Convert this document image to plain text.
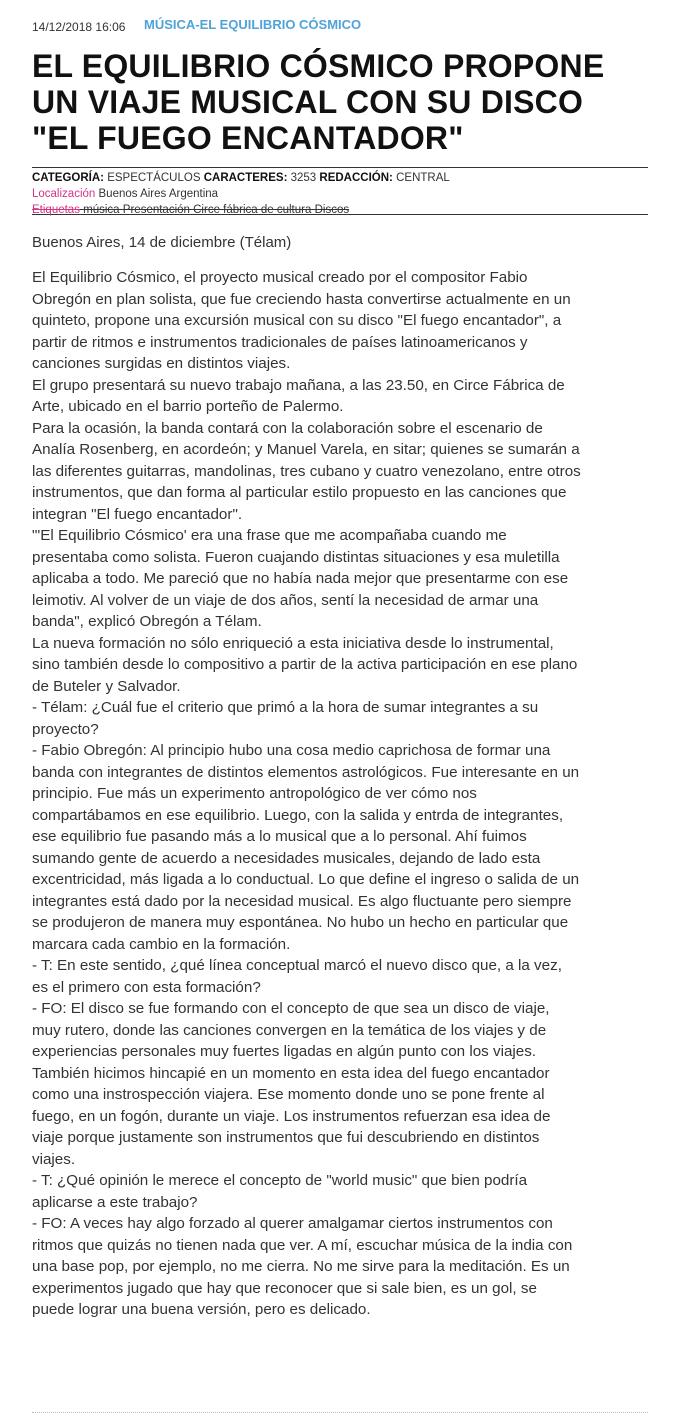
14/12/2018 16:06 MÚSICA-EL EQUILIBRIO CÓSMICO
EL EQUILIBRIO CÓSMICO PROPONE
UN VIAJE MUSICAL CON SU DISCO
"EL FUEGO ENCANTADOR"
CATEGORÍA: ESPECTÁCULOS CARACTERES: 3253 REDACCIÓN: CENTRAL
Localización Buenos Aires Argentina
Etiquetas música Presentación Circe fábrica de cultura Discos
Buenos Aires, 14 de diciembre (Télam)
El Equilibrio Cósmico, el proyecto musical creado por el compositor Fabio
Obregón en plan solista, que fue creciendo hasta convertirse actualmente en un
quinteto, propone una excursión musical con su disco "El fuego encantador", a
partir de ritmos e instrumentos tradicionales de países latinoamericanos y
canciones surgidas en distintos viajes.
El grupo presentará su nuevo trabajo mañana, a las 23.50, en Circe Fábrica de
Arte, ubicado en el barrio porteño de Palermo.
Para la ocasión, la banda contará con la colaboración sobre el escenario de
Analía Rosenberg, en acordeón; y Manuel Varela, en sitar; quienes se sumarán a
las diferentes guitarras, mandolinas, tres cubano y cuatro venezolano, entre otros
instrumentos, que dan forma al particular estilo propuesto en las canciones que
integran "El fuego encantador".
"'El Equilibrio Cósmico' era una frase que me acompañaba cuando me
presentaba como solista. Fueron cuajando distintas situaciones y esa muletilla
aplicaba a todo. Me pareció que no había nada mejor que presentarme con ese
leimotiv. Al volver de un viaje de dos años, sentí la necesidad de armar una
banda", explicó Obregón a Télam.
La nueva formación no sólo enriqueció a esta iniciativa desde lo instrumental,
sino también desde lo compositivo a partir de la activa participación en ese plano
de Buteler y Salvador.
- Télam: ¿Cuál fue el criterio que primó a la hora de sumar integrantes a su
proyecto?
- Fabio Obregón: Al principio hubo una cosa medio caprichosa de formar una
banda con integrantes de distintos elementos astrológicos. Fue interesante en un
principio. Fue más un experimento antropológico de ver cómo nos
compartábamos en ese equilibrio. Luego, con la salida y entrda de integrantes,
ese equilibrio fue pasando más a lo musical que a lo personal. Ahí fuimos
sumando gente de acuerdo a necesidades musicales, dejando de lado esta
excentricidad, más ligada a lo conductual. Lo que define el ingreso o salida de un
integrantes está dado por la necesidad musical. Es algo fluctuante pero siempre
se produjeron de manera muy espontánea. No hubo un hecho en particular que
marcara cada cambio en la formación.
- T: En este sentido, ¿qué línea conceptual marcó el nuevo disco que, a la vez,
es el primero con esta formación?
- FO: El disco se fue formando con el concepto de que sea un disco de viaje,
muy rutero, donde las canciones convergen en la temática de los viajes y de
experiencias personales muy fuertes ligadas en algún punto con los viajes.
También hicimos hincapié en un momento en esta idea del fuego encantador
como una instrospección viajera. Ese momento donde uno se pone frente al
fuego, en un fogón, durante un viaje. Los instrumentos refuerzan esa idea de
viaje porque justamente son instrumentos que fui descubriendo en distintos
viajes.
- T: ¿Qué opinión le merece el concepto de "world music" que bien podría
aplicarse a este trabajo?
- FO: A veces hay algo forzado al querer amalgamar ciertos instrumentos con
ritmos que quizás no tienen nada que ver. A mí, escuchar música de la india con
una base pop, por ejemplo, no me cierra. No me sirve para la meditación. Es un
experimentos jugado que hay que reconocer que si sale bien, es un gol, se
puede lograr una buena versión, pero es delicado.
